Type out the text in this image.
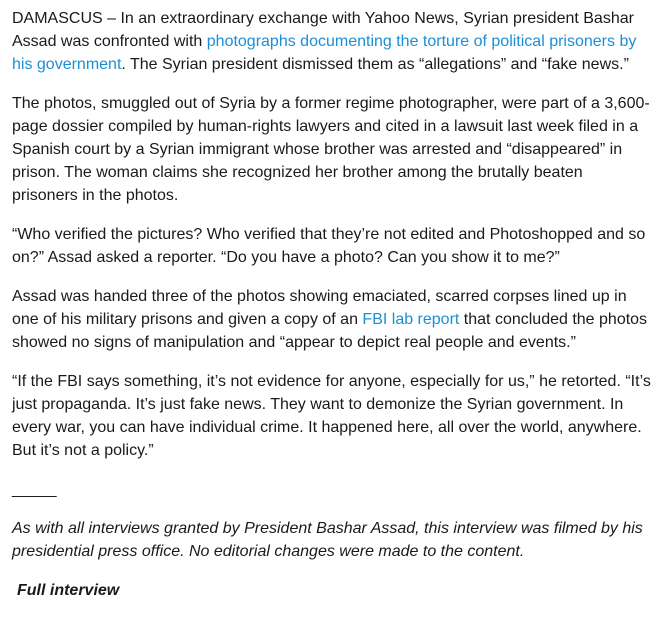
DAMASCUS – In an extraordinary exchange with Yahoo News, Syrian president Bashar Assad was confronted with photographs documenting the torture of political prisoners by his government. The Syrian president dismissed them as “allegations” and “fake news.”

The photos, smuggled out of Syria by a former regime photographer, were part of a 3,600-page dossier compiled by human-rights lawyers and cited in a lawsuit last week filed in a Spanish court by a Syrian immigrant whose brother was arrested and “disappeared” in prison. The woman claims she recognized her brother among the brutally beaten prisoners in the photos.

“Who verified the pictures? Who verified that they’re not edited and Photoshopped and so on?” Assad asked a reporter. “Do you have a photo? Can you show it to me?”

Assad was handed three of the photos showing emaciated, scarred corpses lined up in one of his military prisons and given a copy of an FBI lab report that concluded the photos showed no signs of manipulation and “appear to depict real people and events.”

“If the FBI says something, it’s not evidence for anyone, especially for us,” he retorted. “It’s just propaganda. It’s just fake news. They want to demonize the Syrian government. In every war, you can have individual crime. It happened here, all over the world, anywhere. But it’s not a policy.”

_____

As with all interviews granted by President Bashar Assad, this interview was filmed by his presidential press office. No editorial changes were made to the content.

Full interview
